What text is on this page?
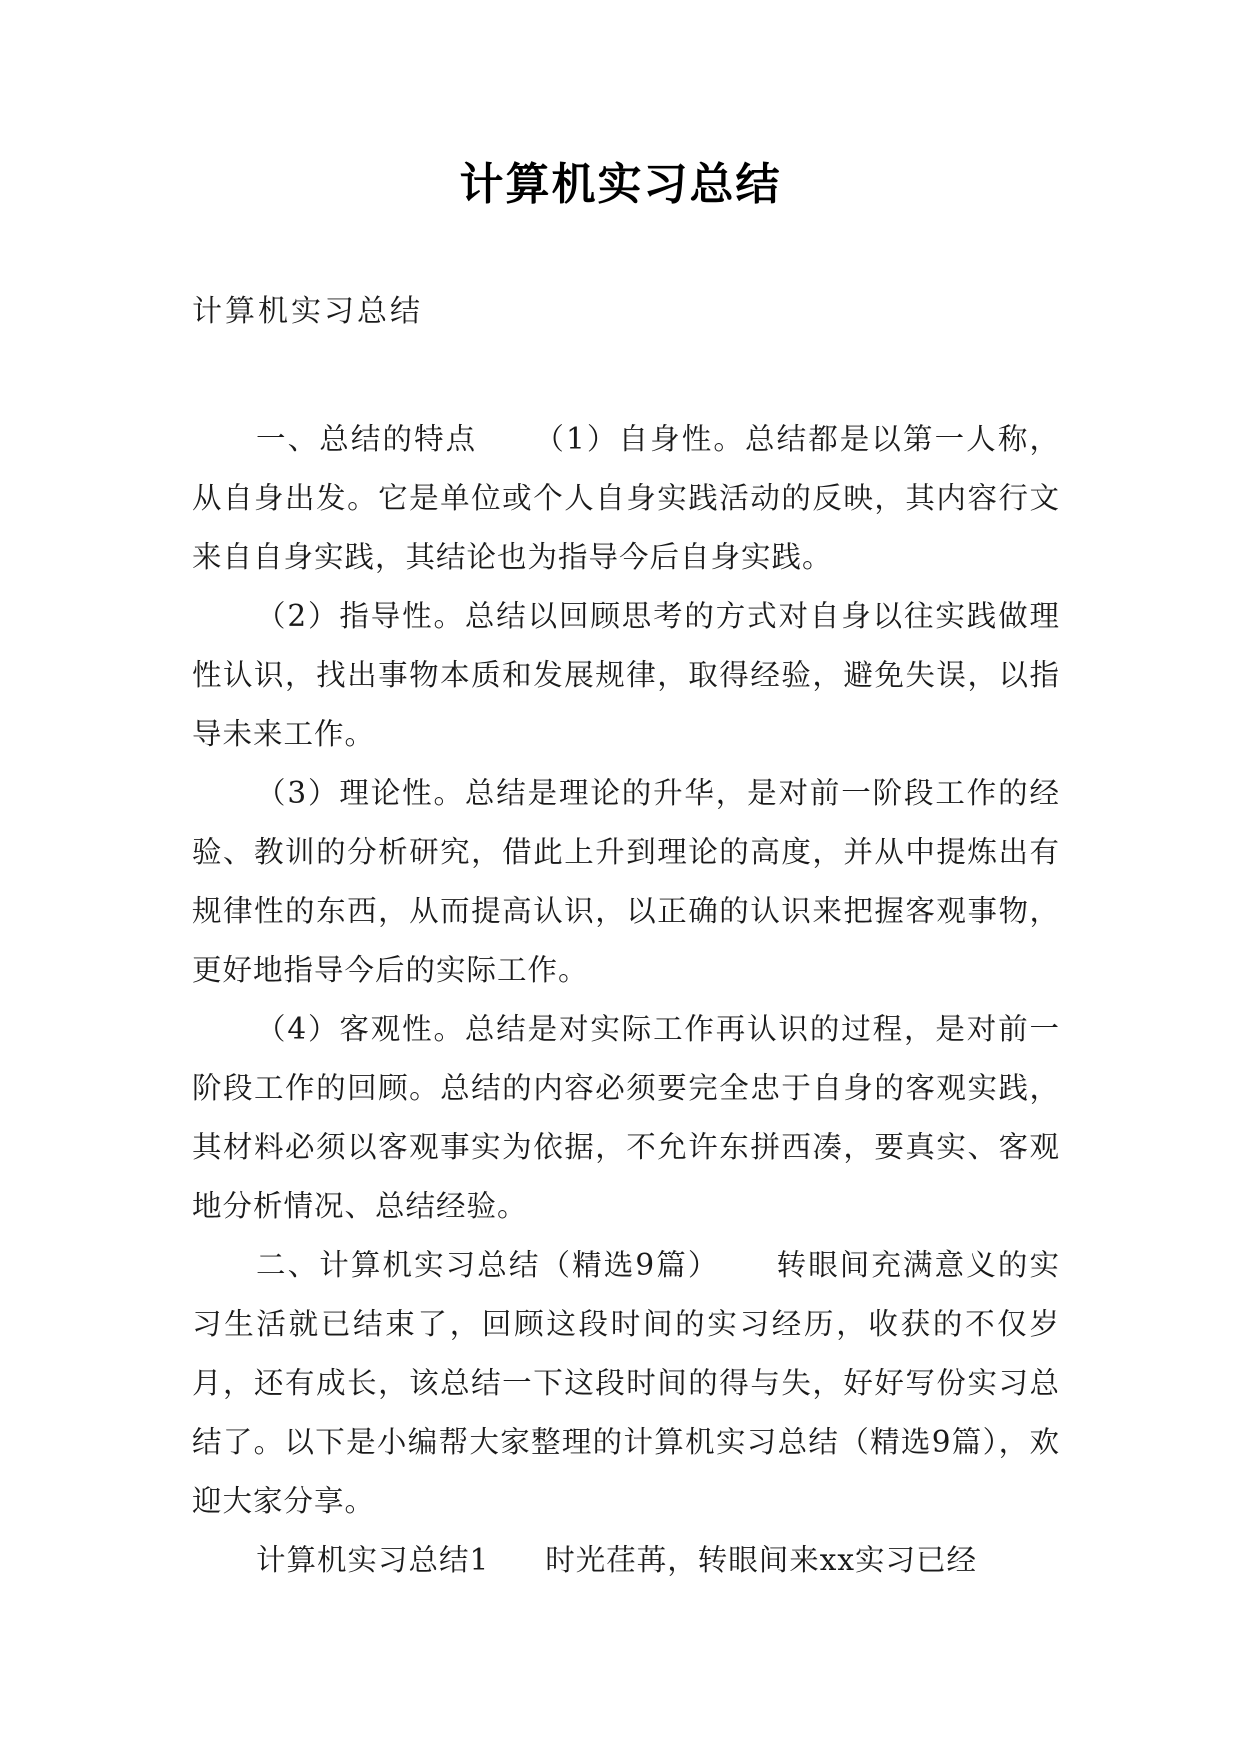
计算机实习总结
计算机实习总结

一、总结的特点 （1）自身性。总结都是以第一人称，从自身出发。它是单位或个人自身实践活动的反映，其内容行文来自自身实践，其结论也为指导今后自身实践。

（2）指导性。总结以回顾思考的方式对自身以往实践做理性认识，找出事物本质和发展规律，取得经验，避免失误，以指导未来工作。

（3）理论性。总结是理论的升华，是对前一阶段工作的经验、教训的分析研究，借此上升到理论的高度，并从中提炼出有规律性的东西，从而提高认识，以正确的认识来把握客观事物，更好地指导今后的实际工作。

（4）客观性。总结是对实际工作再认识的过程，是对前一阶段工作的回顾。总结的内容必须要完全忠于自身的客观实践，其材料必须以客观事实为依据，不允许东拼西凑，要真实、客观地分析情况、总结经验。

二、计算机实习总结（精选9篇） 转眼间充满意义的实习生活就已结束了，回顾这段时间的实习经历，收获的不仅岁月，还有成长，该总结一下这段时间的得与失，好好写份实习总结了。以下是小编帮大家整理的计算机实习总结（精选9篇），欢迎大家分享。

计算机实习总结1 时光荏苒，转眼间来xx实习已经
